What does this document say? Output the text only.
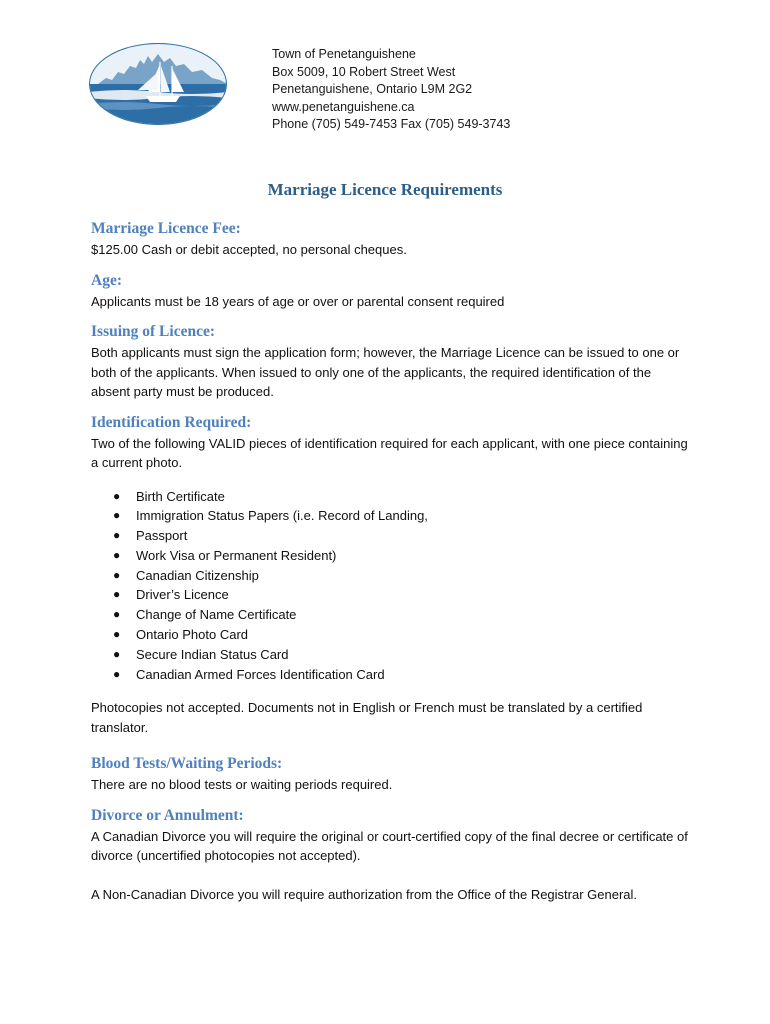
Town of Penetanguishene
Box 5009, 10 Robert Street West
Penetanguishene, Ontario L9M 2G2
www.penetanguishene.ca
Phone (705) 549-7453 Fax (705) 549-3743
Marriage Licence Requirements

Marriage Licence Fee:

$125.00 Cash or debit accepted, no personal cheques.

Age:

Applicants must be 18 years of age or over or parental consent required

Issuing of Licence:

Both applicants must sign the application form; however, the Marriage Licence can be issued to one or both of the applicants. When issued to only one of the applicants, the required identification of the absent party must be produced.

Identification Required:

Two of the following VALID pieces of identification required for each applicant, with one piece containing a current photo.

● Birth Certificate
● Immigration Status Papers (i.e. Record of Landing,
● Passport
● Work Visa or Permanent Resident)
● Canadian Citizenship
● Driver’s Licence
● Change of Name Certificate
● Ontario Photo Card
● Secure Indian Status Card
● Canadian Armed Forces Identification Card

Photocopies not accepted. Documents not in English or French must be translated by a certified translator.

Blood Tests/Waiting Periods:

There are no blood tests or waiting periods required.

Divorce or Annulment:

A Canadian Divorce you will require the original or court-certified copy of the final decree or certificate of divorce (uncertified photocopies not accepted).

A Non-Canadian Divorce you will require authorization from the Office of the Registrar General.
